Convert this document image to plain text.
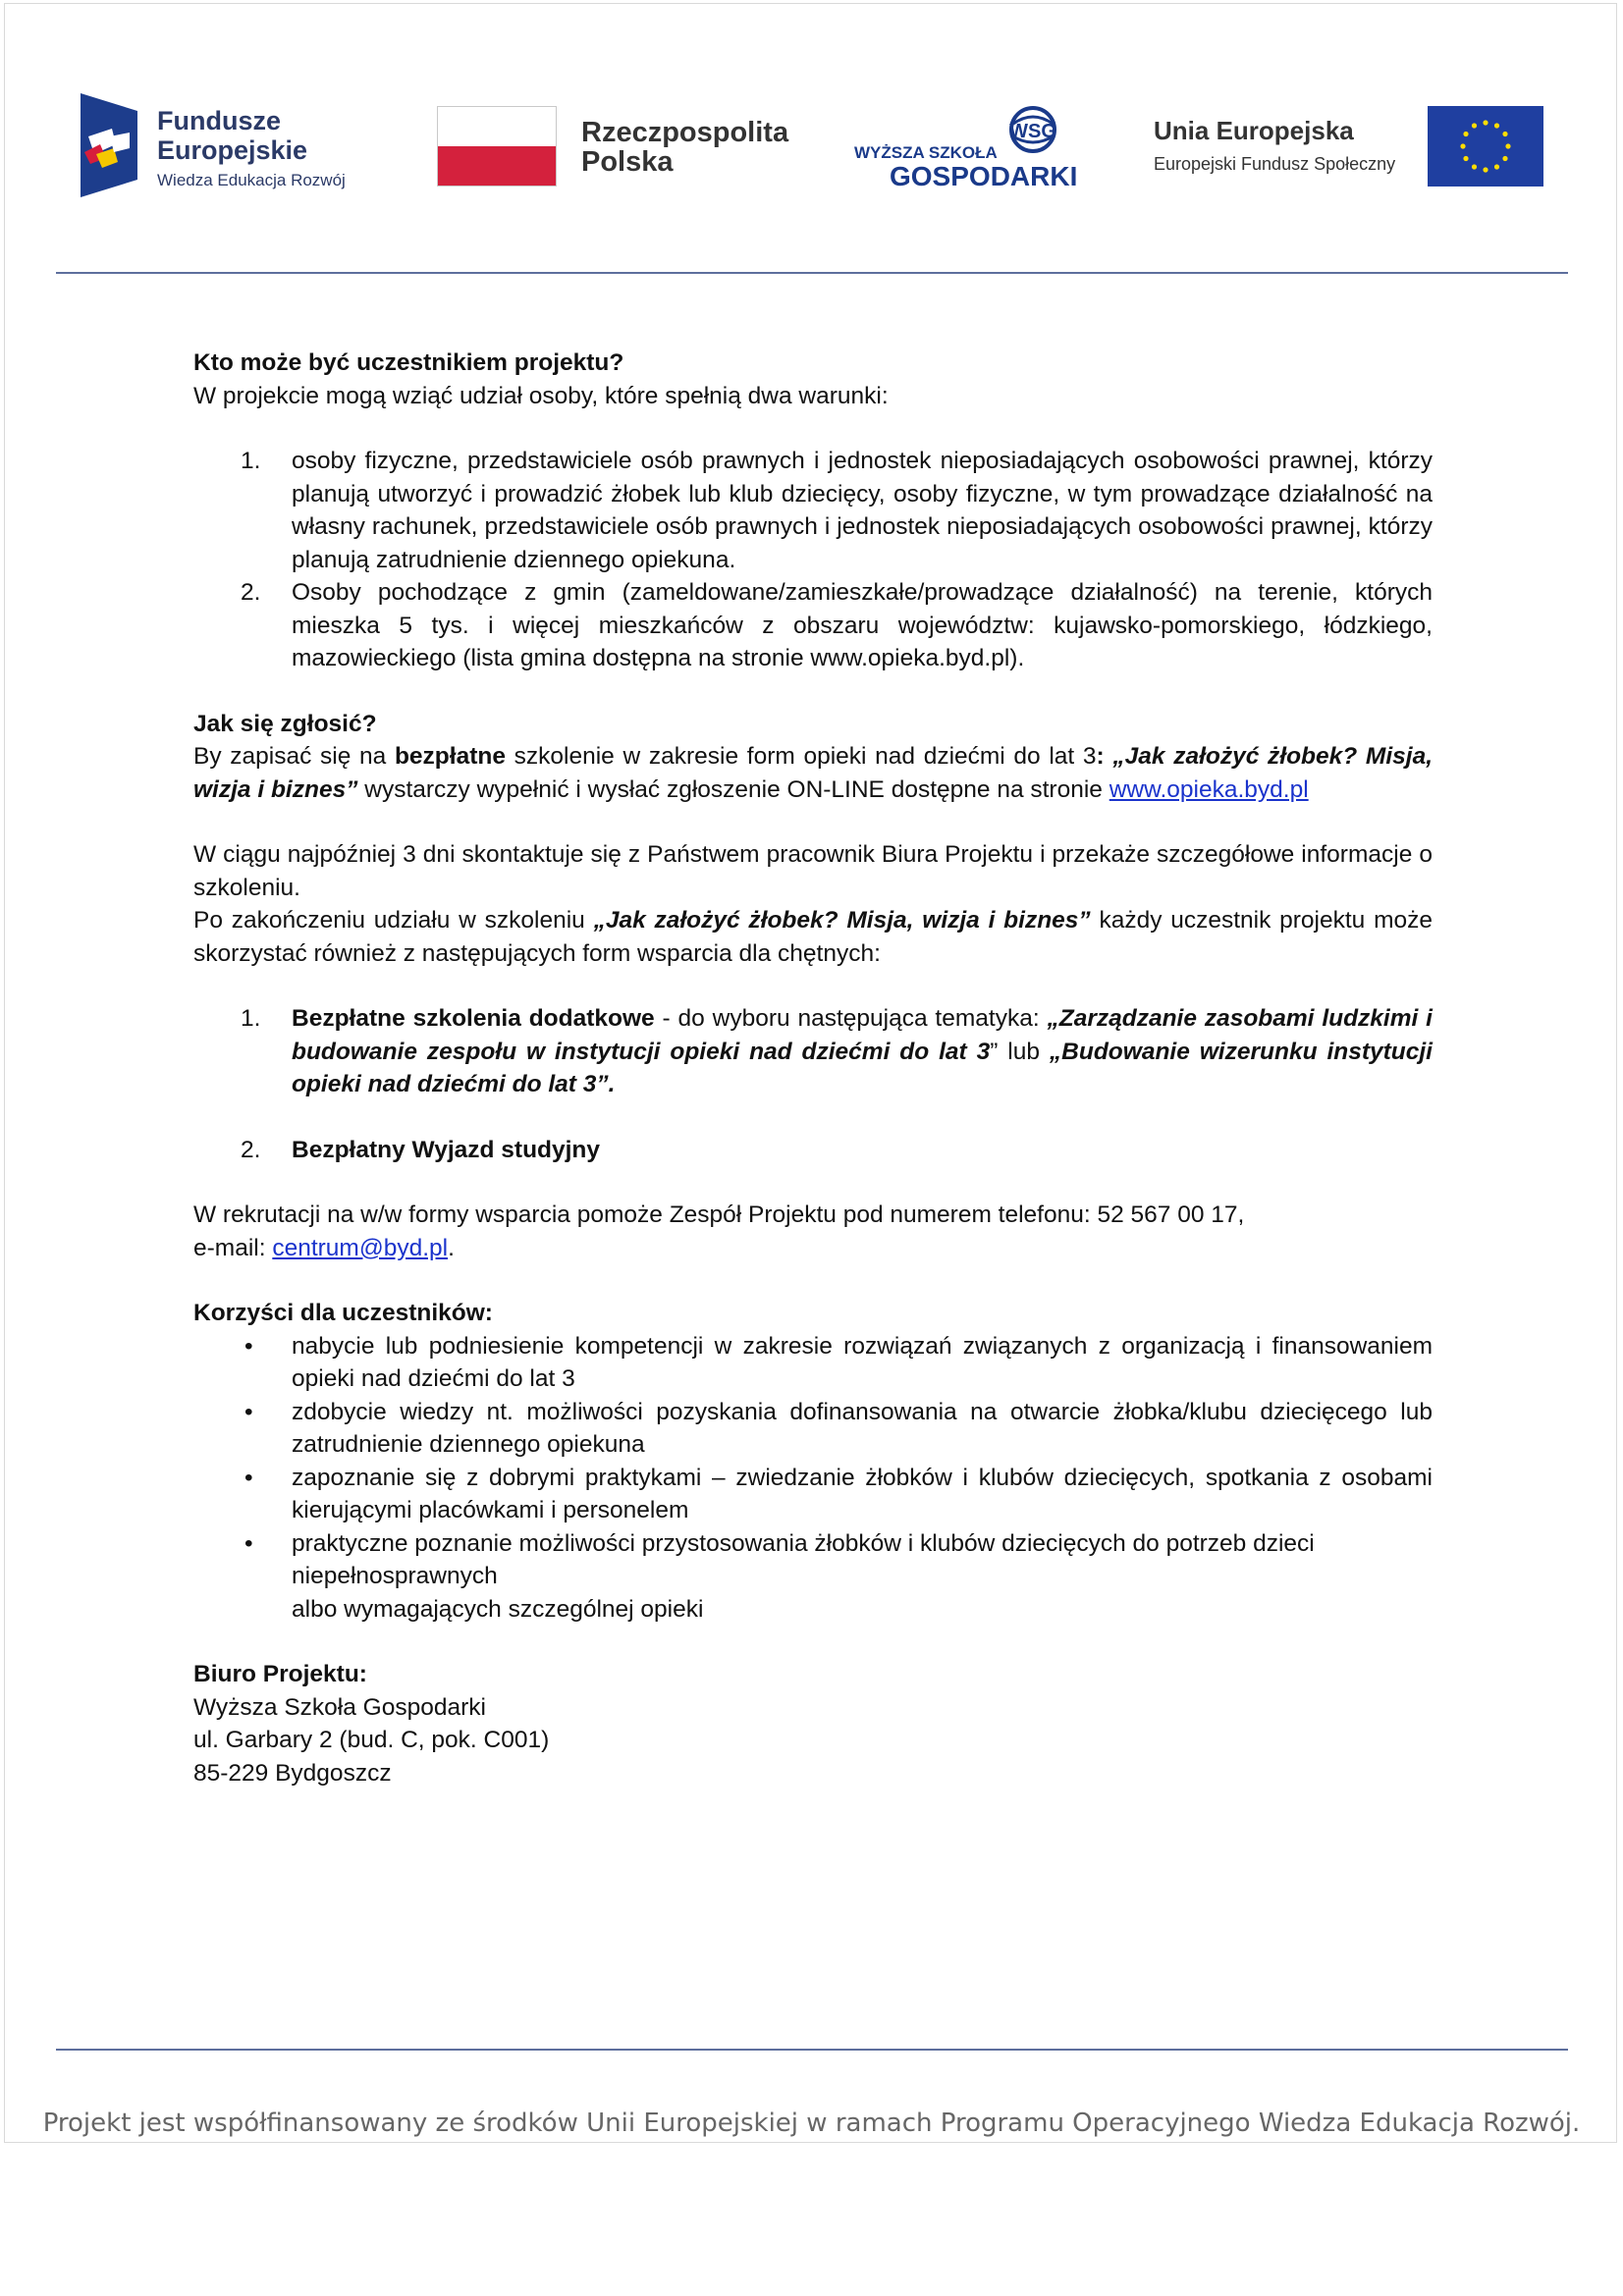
Fundusze
Europejskie
Wiedza Edukacja Rozwój
Rzeczpospolita
Polska	WYŻSZA SZKOŁA
GOSPODARKI
WSG	Unia Europejska
Europejski Fundusz Społeczny

Kto może być uczestnikiem projektu?

W projekcie mogą wziąć udział osoby, które spełnią dwa warunki:

1. osoby fizyczne, przedstawiciele osób prawnych i jednostek nieposiadających osobowości prawnej, którzy planują utworzyć i prowadzić żłobek lub klub dziecięcy, osoby fizyczne, w tym prowadzące działalność na własny rachunek, przedstawiciele osób prawnych i jednostek nieposiadających osobowości prawnej, którzy planują zatrudnienie dziennego opiekuna.
2. Osoby pochodzące z gmin (zameldowane/zamieszkałe/prowadzące działalność) na terenie, których mieszka 5 tys. i więcej mieszkańców z obszaru województw: kujawsko-pomorskiego, łódzkiego, mazowieckiego (lista gmina dostępna na stronie www.opieka.byd.pl).

Jak się zgłosić?

By zapisać się na bezpłatne szkolenie w zakresie form opieki nad dziećmi do lat 3: „Jak założyć żłobek? Misja, wizja i biznes” wystarczy wypełnić i wysłać zgłoszenie ON-LINE dostępne na stronie www.opieka.byd.pl

W ciągu najpóźniej 3 dni skontaktuje się z Państwem pracownik Biura Projektu i przekaże szczegółowe informacje o szkoleniu.

Po zakończeniu udziału w szkoleniu „Jak założyć żłobek? Misja, wizja i biznes” każdy uczestnik projektu może skorzystać również z następujących form wsparcia dla chętnych:

1. Bezpłatne szkolenia dodatkowe - do wyboru następująca tematyka: „Zarządzanie zasobami ludzkimi i budowanie zespołu w instytucji opieki nad dziećmi do lat 3” lub „Budowanie wizerunku instytucji opieki nad dziećmi do lat 3”.
2. Bezpłatny Wyjazd studyjny

W rekrutacji na w/w formy wsparcia pomoże Zespół Projektu pod numerem telefonu: 52 567 00 17,

e-mail: centrum@byd.pl.

Korzyści dla uczestników:

• nabycie lub podniesienie kompetencji w zakresie rozwiązań związanych z organizacją i finansowaniem opieki nad dziećmi do lat 3
• zdobycie wiedzy nt. możliwości pozyskania dofinansowania na otwarcie żłobka/klubu dziecięcego lub zatrudnienie dziennego opiekuna
• zapoznanie się z dobrymi praktykami – zwiedzanie żłobków i klubów dziecięcych, spotkania z osobami kierującymi placówkami i personelem
• praktyczne poznanie możliwości przystosowania żłobków i klubów dziecięcych do potrzeb dzieci niepełnosprawnych
albo wymagających szczególnej opieki

Biuro Projektu:

Wyższa Szkoła Gospodarki

ul. Garbary 2 (bud. C, pok. C001)

85-229 Bydgoszcz

Projekt jest współfinansowany ze środków Unii Europejskiej w ramach Programu Operacyjnego Wiedza Edukacja Rozwój.
